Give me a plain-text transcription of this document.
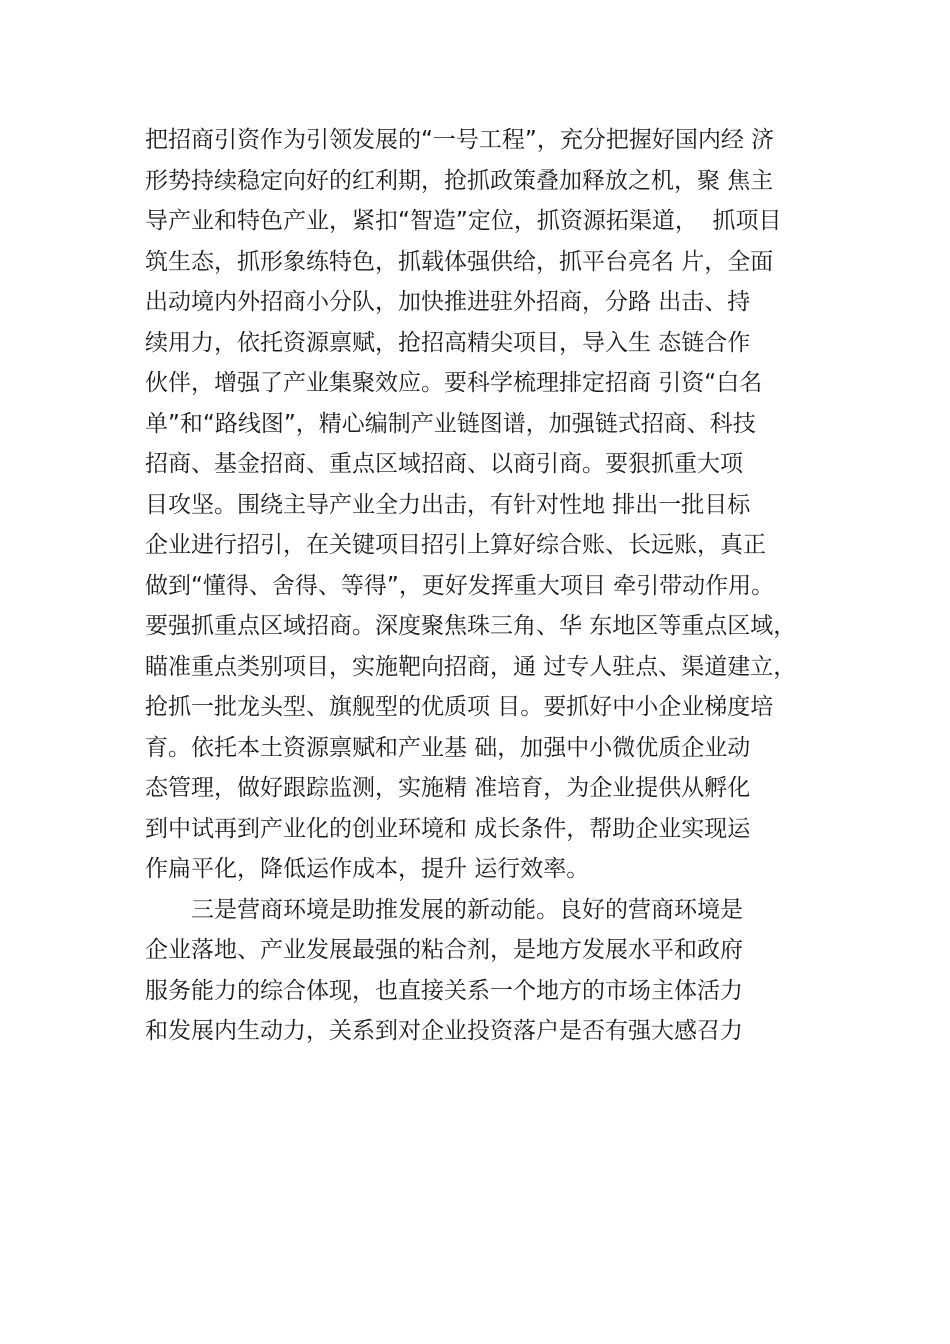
把招商引资作为引领发展的“一号工程”，充分把握好国内经 济
形势持续稳定向好的红利期，抢抓政策叠加释放之机，聚 焦主
导产业和特色产业，紧扣“智造”定位，抓资源拓渠道，  抓项目
筑生态，抓形象练特色，抓载体强供给，抓平台亮名 片，全面
出动境内外招商小分队，加快推进驻外招商，分路 出击、持
续用力，依托资源禀赋，抢招高精尖项目，导入生 态链合作
伙伴，增强了产业集聚效应。要科学梳理排定招商 引资“白名
单”和“路线图”，精心编制产业链图谱，加强链式招商、科技
招商、基金招商、重点区域招商、以商引商。要狠抓重大项
目攻坚。围绕主导产业全力出击，有针对性地 排出一批目标
企业进行招引，在关键项目招引上算好综合账、长远账，真正
做到“懂得、舍得、等得”，更好发挥重大项目 牵引带动作用。
要强抓重点区域招商。深度聚焦珠三角、华 东地区等重点区域，
瞄准重点类别项目，实施靶向招商，通 过专人驻点、渠道建立，
抢抓一批龙头型、旗舰型的优质项 目。要抓好中小企业梯度培
育。依托本土资源禀赋和产业基 础，加强中小微优质企业动
态管理，做好跟踪监测，实施精 准培育，为企业提供从孵化
到中试再到产业化的创业环境和 成长条件，帮助企业实现运
作扁平化，降低运作成本，提升 运行效率。
三是营商环境是助推发展的新动能。良好的营商环境是
企业落地、产业发展最强的粘合剂，是地方发展水平和政府
服务能力的综合体现，也直接关系一个地方的市场主体活力
和发展内生动力，关系到对企业投资落户是否有强大感召力
